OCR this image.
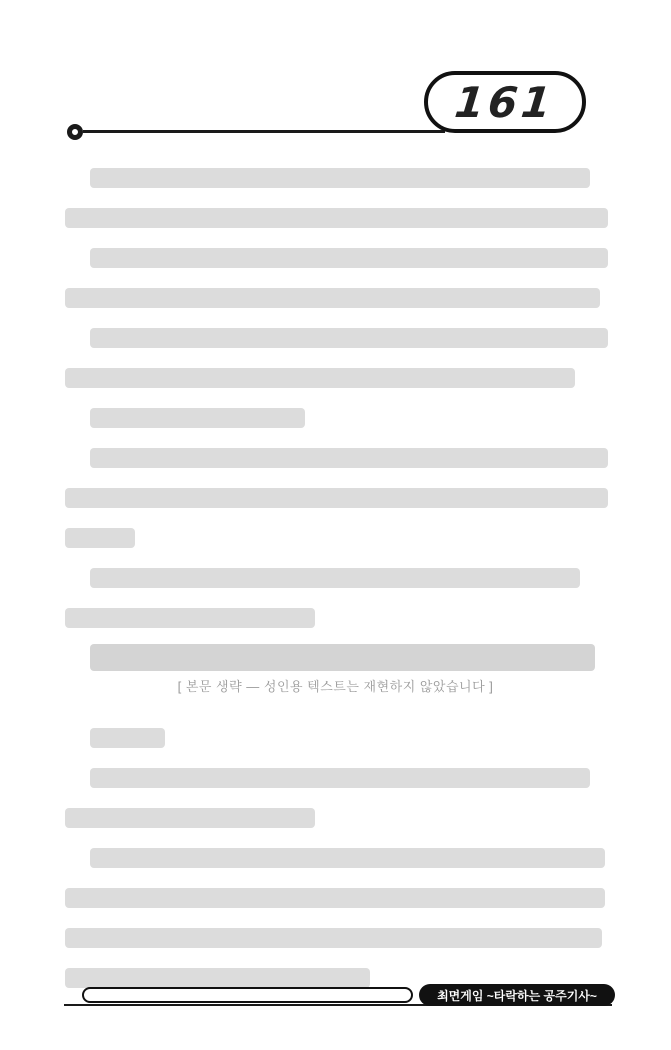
161
[ 본문 생략 — 성인용 텍스트는 재현하지 않았습니다 ]
최면게임 ~타락하는 공주기사~
